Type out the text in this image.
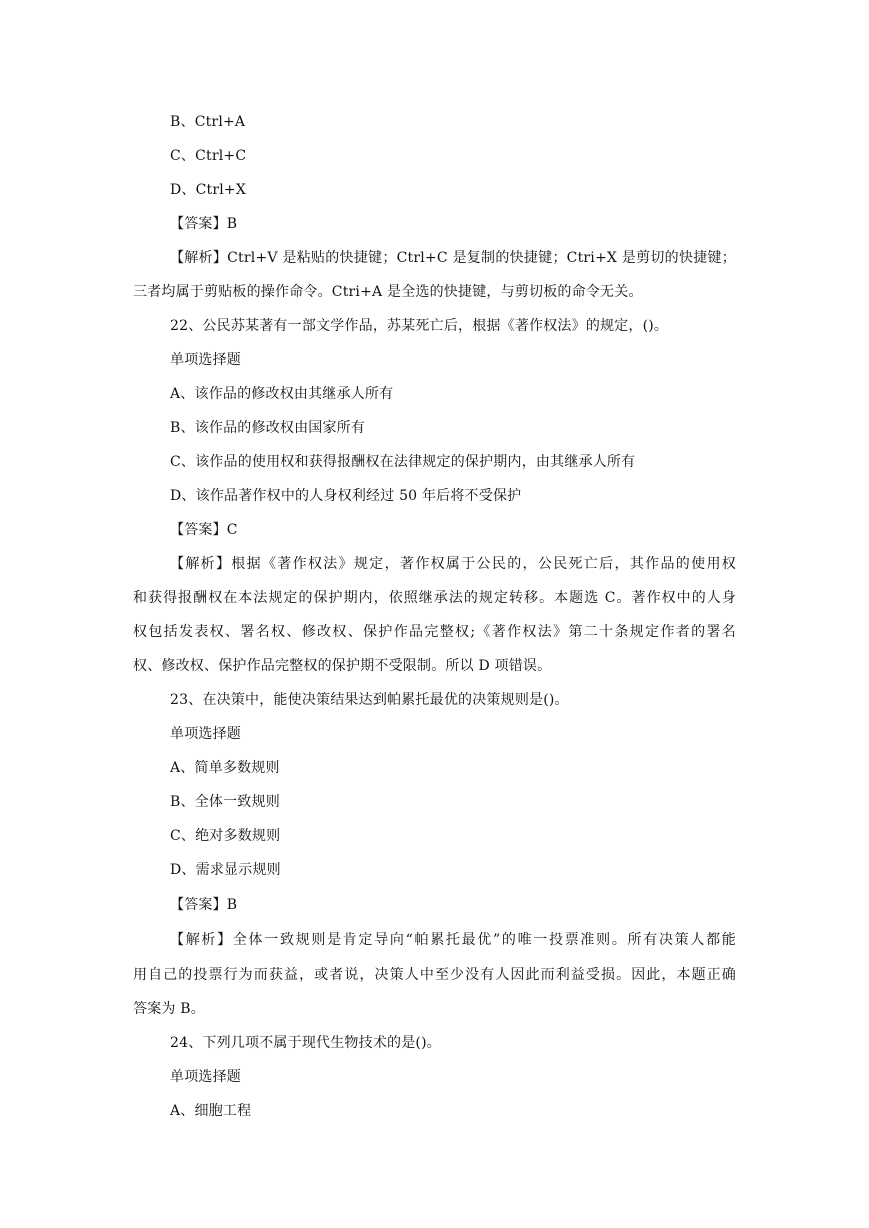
B、Ctrl+A
C、Ctrl+C
D、Ctrl+X
【答案】B
【解析】Ctrl+V 是粘贴的快捷键；Ctrl+C 是复制的快捷键；Ctri+X 是剪切的快捷键；
三者均属于剪贴板的操作命令。Ctri+A 是全选的快捷键，与剪切板的命令无关。
22、公民苏某著有一部文学作品，苏某死亡后，根据《著作权法》的规定，()。
单项选择题
A、该作品的修改权由其继承人所有
B、该作品的修改权由国家所有
C、该作品的使用权和获得报酬权在法律规定的保护期内，由其继承人所有
D、该作品著作权中的人身权利经过 50 年后将不受保护
【答案】C
【解析】根据《著作权法》规定，著作权属于公民的，公民死亡后，其作品的使用权
和获得报酬权在本法规定的保护期内，依照继承法的规定转移。本题选 C。著作权中的人身
权包括发表权、署名权、修改权、保护作品完整权;《著作权法》第二十条规定作者的署名
权、修改权、保护作品完整权的保护期不受限制。所以 D 项错误。
23、在决策中，能使决策结果达到帕累托最优的决策规则是()。
单项选择题
A、简单多数规则
B、全体一致规则
C、绝对多数规则
D、需求显示规则
【答案】B
【解析】全体一致规则是肯定导向“帕累托最优”的唯一投票准则。所有决策人都能
用自己的投票行为而获益，或者说，决策人中至少没有人因此而利益受损。因此，本题正确
答案为 B。
24、下列几项不属于现代生物技术的是()。
单项选择题
A、细胞工程
